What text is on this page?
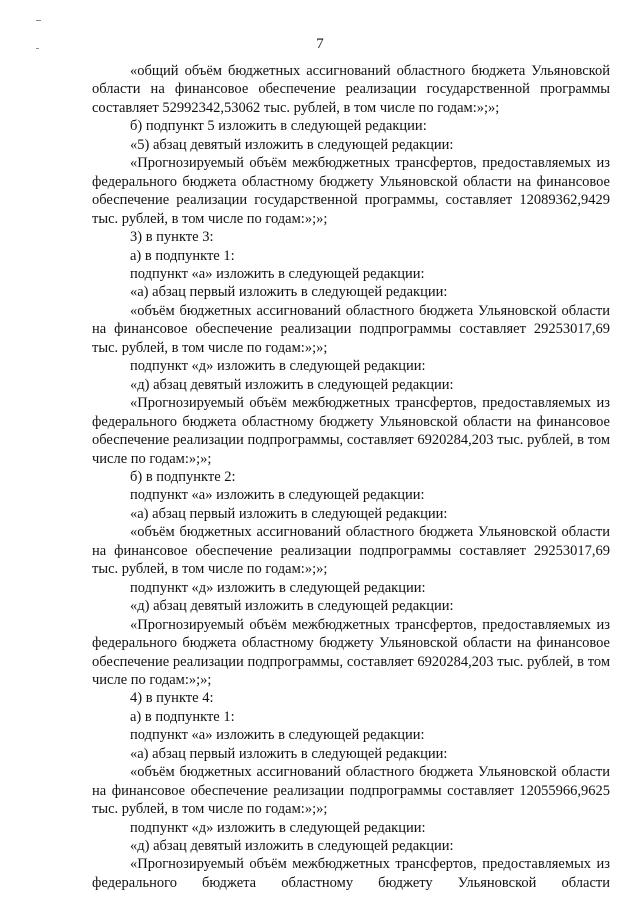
7

«общий объём бюджетных ассигнований областного бюджета Ульяновской области на финансовое обеспечение реализации государственной программы составляет 52992342,53062 тыс. рублей, в том числе по годам:»;»;

б) подпункт 5 изложить в следующей редакции:

«5) абзац девятый изложить в следующей редакции:

«Прогнозируемый объём межбюджетных трансфертов, предоставляемых из федерального бюджета областному бюджету Ульяновской области на финансовое обеспечение реализации государственной программы, составляет 12089362,9429 тыс. рублей, в том числе по годам:»;»;

3) в пункте 3:

а) в подпункте 1:

подпункт «а» изложить в следующей редакции:

«а) абзац первый изложить в следующей редакции:

«объём бюджетных ассигнований областного бюджета Ульяновской области на финансовое обеспечение реализации подпрограммы составляет 29253017,69 тыс. рублей, в том числе по годам:»;»;

подпункт «д» изложить в следующей редакции:

«д) абзац девятый изложить в следующей редакции:

«Прогнозируемый объём межбюджетных трансфертов, предоставляемых из федерального бюджета областному бюджету Ульяновской области на финансовое обеспечение реализации подпрограммы, составляет 6920284,203 тыс. рублей, в том числе по годам:»;»;

б) в подпункте 2:

подпункт «а» изложить в следующей редакции:

«а) абзац первый изложить в следующей редакции:

«объём бюджетных ассигнований областного бюджета Ульяновской области на финансовое обеспечение реализации подпрограммы составляет 29253017,69 тыс. рублей, в том числе по годам:»;»;

подпункт «д» изложить в следующей редакции:

«д) абзац девятый изложить в следующей редакции:

«Прогнозируемый объём межбюджетных трансфертов, предоставляемых из федерального бюджета областному бюджету Ульяновской области на финансовое обеспечение реализации подпрограммы, составляет 6920284,203 тыс. рублей, в том числе по годам:»;»;

4) в пункте 4:

а) в подпункте 1:

подпункт «а» изложить в следующей редакции:

«а) абзац первый изложить в следующей редакции:

«объём бюджетных ассигнований областного бюджета Ульяновской области на финансовое обеспечение реализации подпрограммы составляет 12055966,9625 тыс. рублей, в том числе по годам:»;»;

подпункт «д» изложить в следующей редакции:

«д) абзац девятый изложить в следующей редакции:

«Прогнозируемый объём межбюджетных трансфертов, предоставляемых из федерального бюджета областному бюджету Ульяновской области
